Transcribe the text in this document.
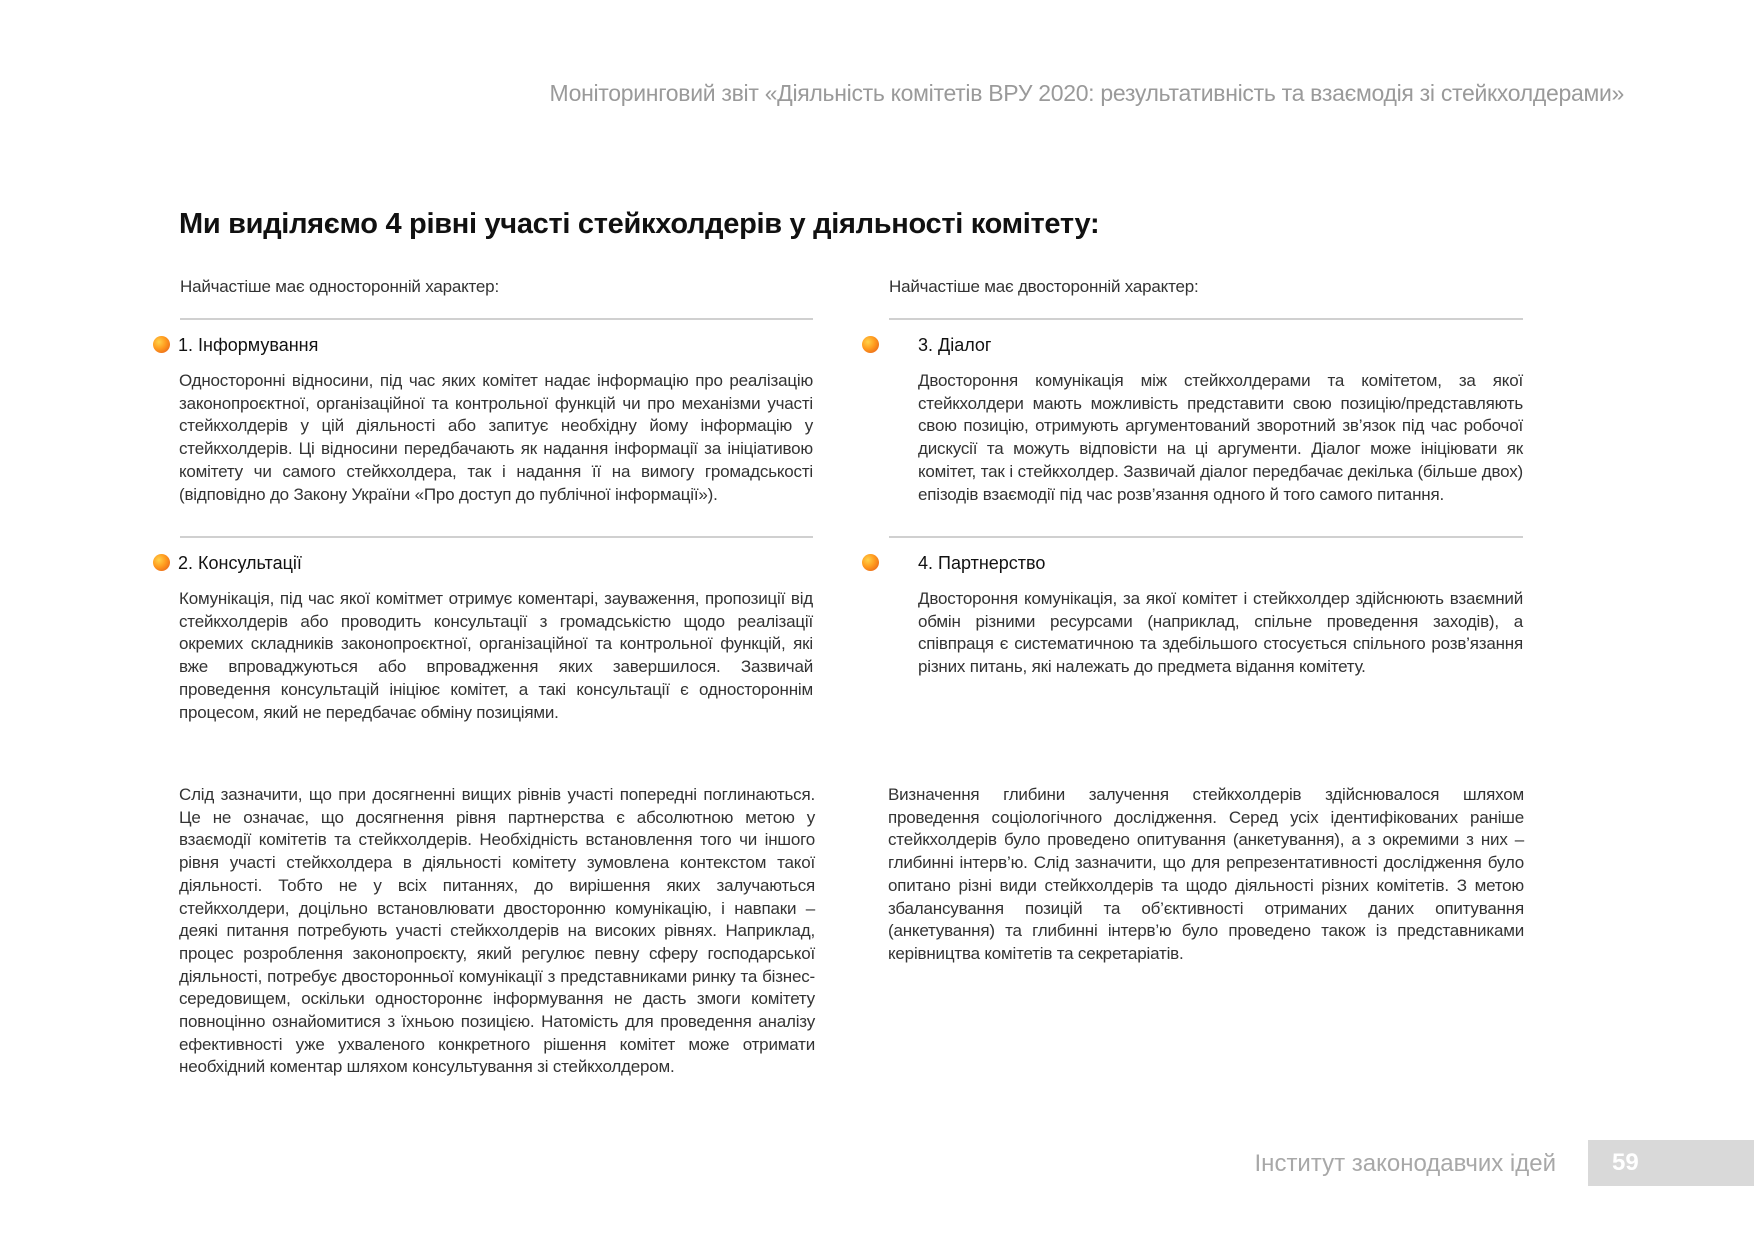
Моніторинговий звіт «Діяльність комітетів ВРУ 2020: результативність та взаємодія зі стейкхолдерами»
Ми виділяємо 4 рівні участі стейкхолдерів у діяльності комітету:
Найчастіше має односторонній характер:
1. Інформування

Односторонні відносини, під час яких комітет надає інформацію про реалізацію законопроєктної, організаційної та контрольної функцій чи про механізми участі стейкхолдерів у цій діяльності або запитує необхідну йому інформацію у стейкхолдерів. Ці відносини передбачають як надання інформації за ініціативою комітету чи самого стейкхолдера, так і надання її на вимогу громадськості (відповідно до Закону України «Про доступ до публічної інформації»).

2. Консультації

Комунікація, під час якої комітмет отримує коментарі, зауваження, пропозиції від стейкхолдерів або проводить консультації з громадськістю щодо реалізації окремих складників законопроєктної, організаційної та контрольної функцій, які вже впроваджуються або впровадження яких завершилося. Зазвичай проведення консультацій ініціює комітет, а такі консультації є одностороннім процесом, який не передбачає обміну позиціями.

Найчастіше має двосторонній характер:
3. Діалог

Двостороння комунікація між стейкхолдерами та комітетом, за якої стейкхолдери мають можливість представити свою позицію/представляють свою позицію, отримують аргументований зворотний зв’язок під час робочої дискусії та можуть відповісти на ці аргументи. Діалог може ініціювати як комітет, так і стейкхолдер. Зазвичай діалог передбачає декілька (більше двох) епізодів взаємодії під час розв’язання одного й того самого питання.

4. Партнерство

Двостороння комунікація, за якої комітет і стейкхолдер здійснюють взаємний обмін різними ресурсами (наприклад, спільне проведення заходів), а співпраця є систематичною та здебільшого стосується спільного розв’язання різних питань, які належать до предмета відання комітету.

Слід зазначити, що при досягненні вищих рівнів участі попередні поглинаються. Це не означає, що досягнення рівня партнерства є абсолютною метою у взаємодії комітетів та стейкхолдерів. Необхідність встановлення того чи іншого рівня участі стейкхолдера в діяльності комітету зумовлена контекстом такої діяльності. Тобто не у всіх питаннях, до вирішення яких залучаються стейкхолдери, доцільно встановлювати двосторонню комунікацію, і навпаки – деякі питання потребують участі стейкхолдерів на високих рівнях. Наприклад, процес розроблення законопроєкту, який регулює певну сферу господарської діяльності, потребує двосторонньої комунікації з представниками ринку та бізнес-середовищем, оскільки одностороннє інформування не дасть змоги комітету повноцінно ознайомитися з їхньою позицією. Натомість для проведення аналізу ефективності уже ухваленого конкретного рішення комітет може отримати необхідний коментар шляхом консультування зі стейкхолдером.

Визначення глибини залучення стейкхолдерів здійснювалося шляхом проведення соціологічного дослідження. Серед усіх ідентифікованих раніше стейкхолдерів було проведено опитування (анкетування), а з окремими з них – глибинні інтерв’ю. Слід зазначити, що для репрезентативності дослідження було опитано різні види стейкхолдерів та щодо діяльності різних комітетів. З метою збалансування позицій та об’єктивності отриманих даних опитування (анкетування) та глибинні інтерв’ю було проведено також із представниками керівництва комітетів та секретаріатів.

Інститут законодавчих ідей 59
